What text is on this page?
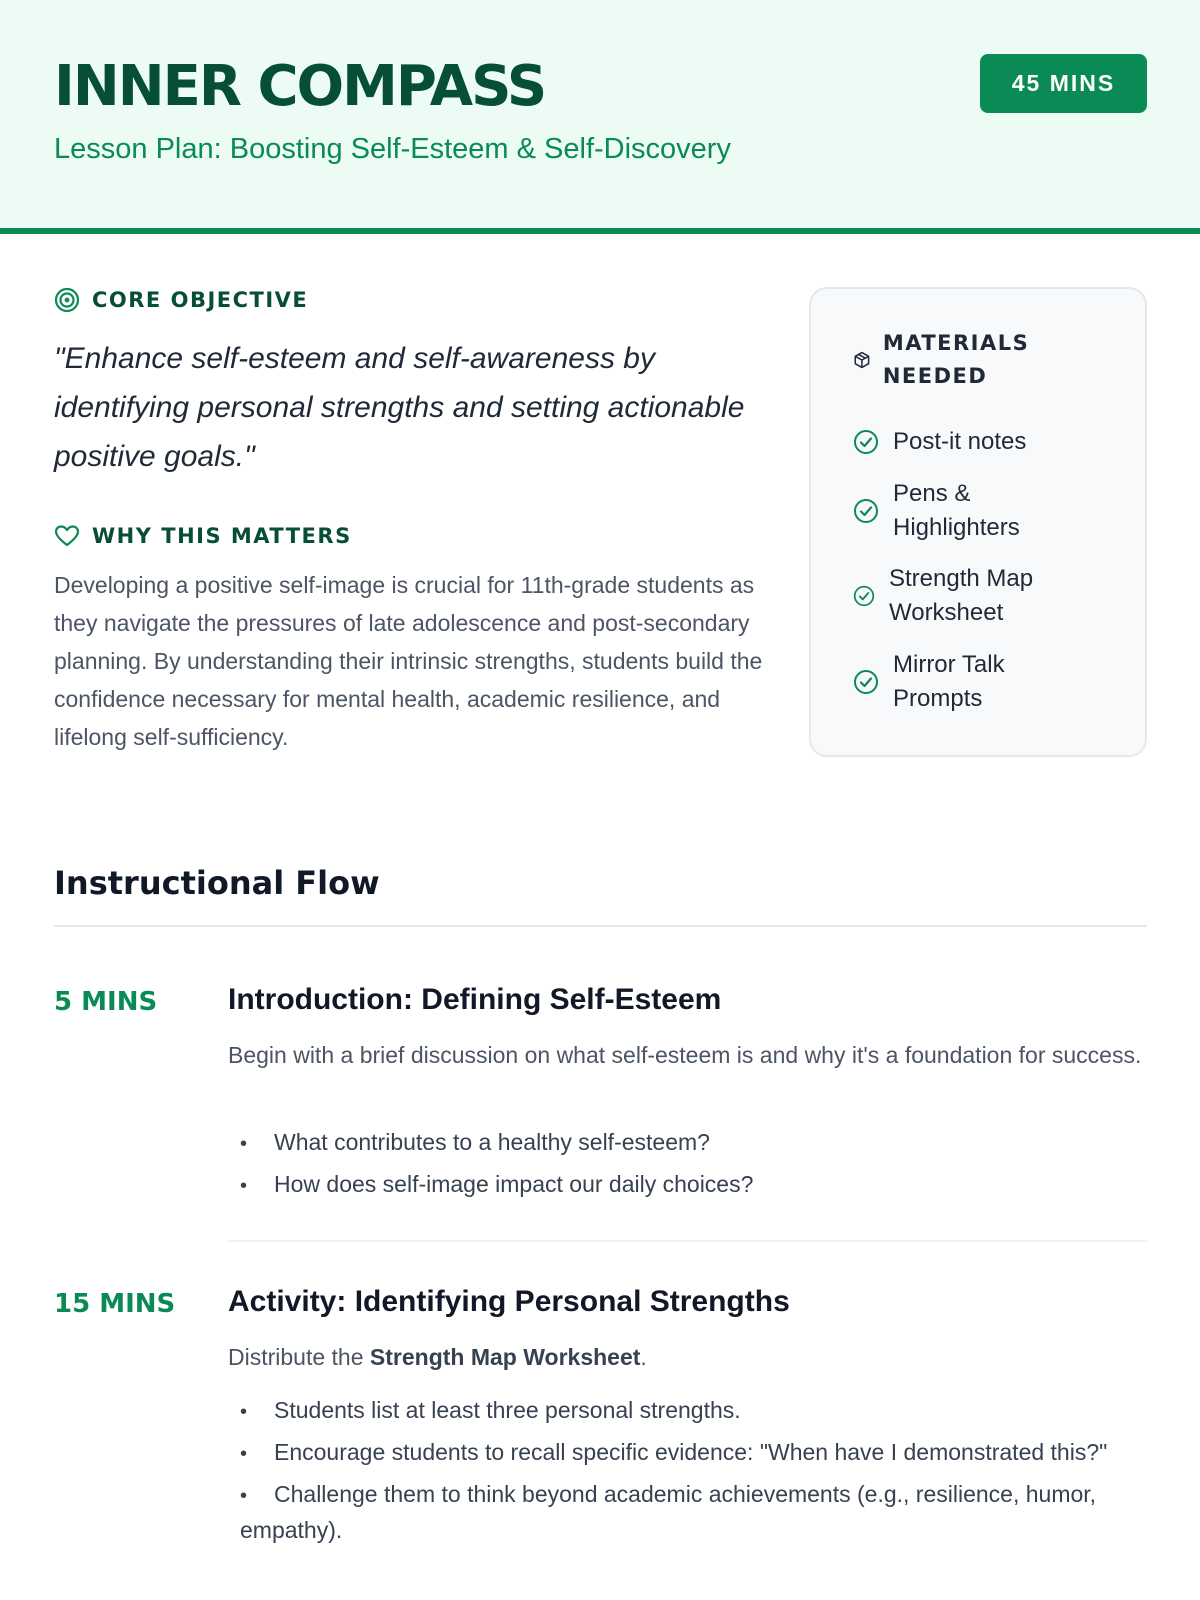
INNER COMPASS
Lesson Plan: Boosting Self-Esteem & Self-Discovery
45 MINS
CORE OBJECTIVE
"Enhance self-esteem and self-awareness by identifying personal strengths and setting actionable positive goals."
WHY THIS MATTERS
Developing a positive self-image is crucial for 11th-grade students as they navigate the pressures of late adolescence and post-secondary planning. By understanding their intrinsic strengths, students build the confidence necessary for mental health, academic resilience, and lifelong self-sufficiency.
MATERIALS NEEDED
Post-it notes
Pens & Highlighters
Strength Map Worksheet
Mirror Talk Prompts
Instructional Flow
5 MINS Introduction: Defining Self-Esteem
Begin with a brief discussion on what self-esteem is and why it's a foundation for success.
• What contributes to a healthy self-esteem?
• How does self-image impact our daily choices?
15 MINS Activity: Identifying Personal Strengths
Distribute the Strength Map Worksheet.
• Students list at least three personal strengths.
• Encourage students to recall specific evidence: "When have I demonstrated this?"
• Challenge them to think beyond academic achievements (e.g., resilience, humor, empathy).
